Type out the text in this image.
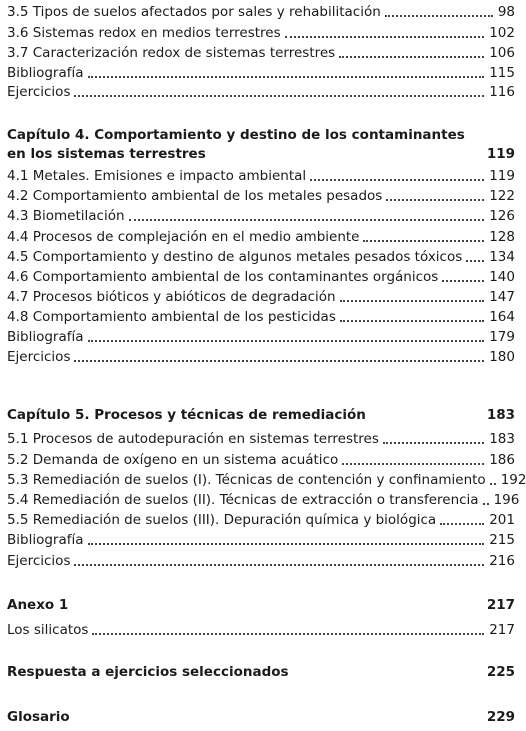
3.5 Tipos de suelos afectados por sales y rehabilitación	98
3.6 Sistemas redox en medios terrestres	102
3.7 Caracterización redox de sistemas terrestres	106
Bibliografía	115
Ejercicios	116
Capítulo 4. Comportamiento y destino de los contaminantes
en los sistemas terrestres	119
4.1 Metales. Emisiones e impacto ambiental	119
4.2 Comportamiento ambiental de los metales pesados	122
4.3 Biometilación	126
4.4 Procesos de complejación en el medio ambiente	128
4.5 Comportamiento y destino de algunos metales pesados tóxicos	134
4.6 Comportamiento ambiental de los contaminantes orgánicos	140
4.7 Procesos bióticos y abióticos de degradación	147
4.8 Comportamiento ambiental de los pesticidas	164
Bibliografía	179
Ejercicios	180
Capítulo 5. Procesos y técnicas de remediación	183
5.1 Procesos de autodepuración en sistemas terrestres	183
5.2 Demanda de oxígeno en un sistema acuático	186
5.3 Remediación de suelos (I). Técnicas de contención y confinamiento	192
5.4 Remediación de suelos (II). Técnicas de extracción o transferencia	196
5.5 Remediación de suelos (III). Depuración química y biológica	201
Bibliografía	215
Ejercicios	216
Anexo 1	217
Los silicatos	217
Respuesta a ejercicios seleccionados	225
Glosario	229
